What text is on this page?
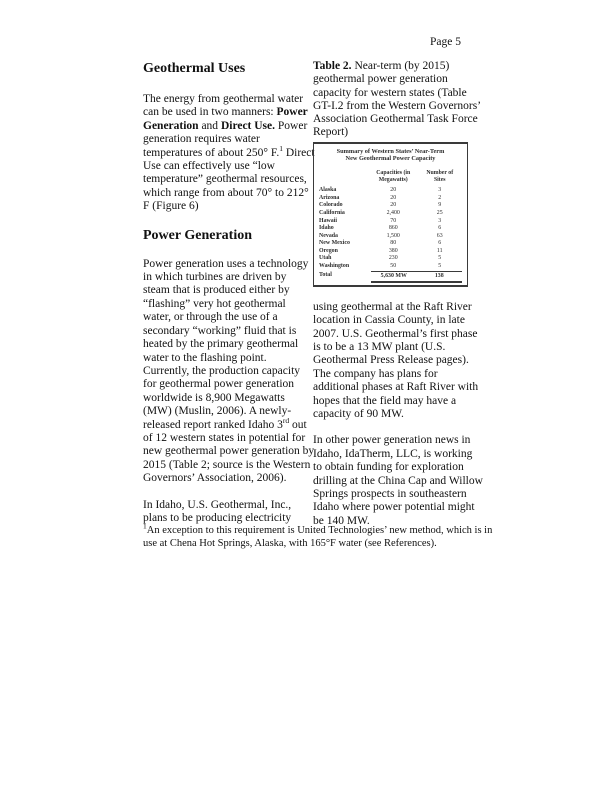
Page 5
Geothermal Uses

The energy from geothermal water can be used in two manners: Power Generation and Direct Use. Power generation requires water temperatures of about 250° F.$^1$ Direct Use can effectively use “low temperature” geothermal resources, which range from about 70° to 212° F (Figure 6)

Power Generation

Power generation uses a technology in which turbines are driven by steam that is produced either by “flashing” very hot geothermal water, or through the use of a secondary “working” fluid that is heated by the primary geothermal water to the flashing point. Currently, the production capacity for geothermal power generation worldwide is 8,900 Megawatts (MW) (Muslin, 2006). A newly-released report ranked Idaho 3rd out of 12 western states in potential for new geothermal power generation by 2015 (Table 2; source is the Western Governors’ Association, 2006).

In Idaho, U.S. Geothermal, Inc., plans to be producing electricity

Table 2. Near-term (by 2015) geothermal power generation capacity for western states (Table GT-I.2 from the Western Governors’ Association Geothermal Task Force Report)

Summary of Western States’ Near-Term
New Geothermal Power Capacity
Capacities (in
Megawatts)
Number of
Sites
Alaska	20	3
Arizona	20	2
Colorado	20	9
California	2,400	25
Hawaii	70	3
Idaho	860	6
Nevada	1,500	63
New Mexico	80	6
Oregon	380	11
Utah	230	5
Washington	50	5
Total	5,630 MW	138

using geothermal at the Raft River location in Cassia County, in late 2007. U.S. Geothermal’s first phase is to be a 13 MW plant (U.S. Geothermal Press Release pages). The company has plans for additional phases at Raft River with hopes that the field may have a capacity of 90 MW.

In other power generation news in Idaho, IdaTherm, LLC, is working to obtain funding for exploration drilling at the China Cap and Willow Springs prospects in southeastern Idaho where power potential might be 140 MW.

$^1$An exception to this requirement is United Technologies’ new method, which is in use at Chena Hot Springs, Alaska, with 165°F water (see References).
